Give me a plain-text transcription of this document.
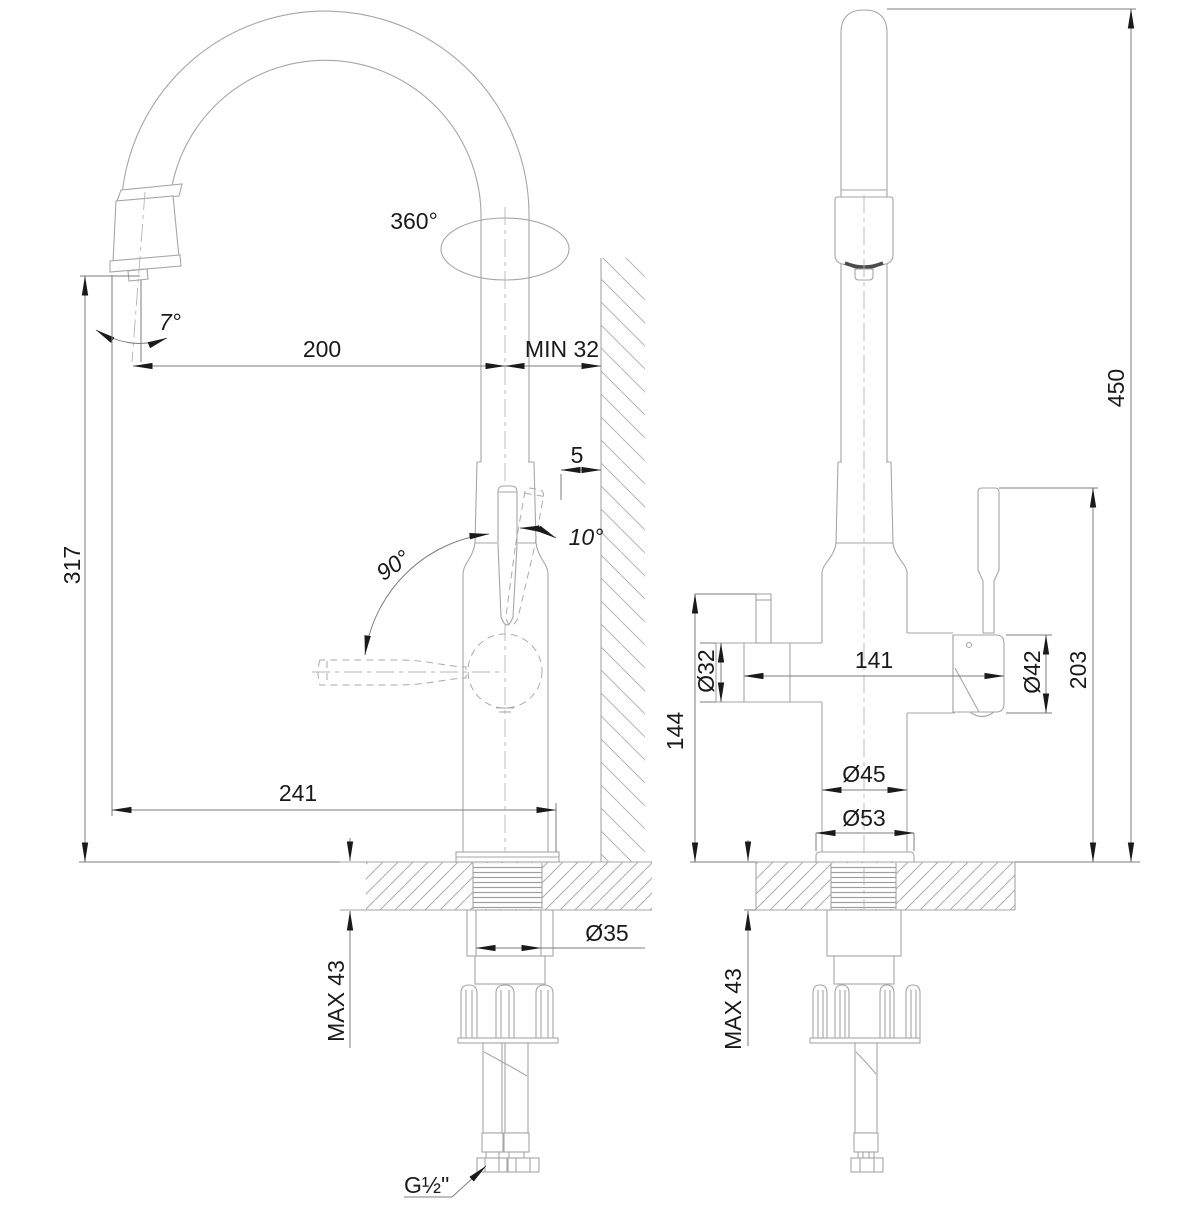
317
200	MIN 32
7°
360°
5
10°
90°
241
MAX 43
Ø35
G½"
450
203
144
141
Ø32	Ø42
Ø45
Ø53
MAX 43
